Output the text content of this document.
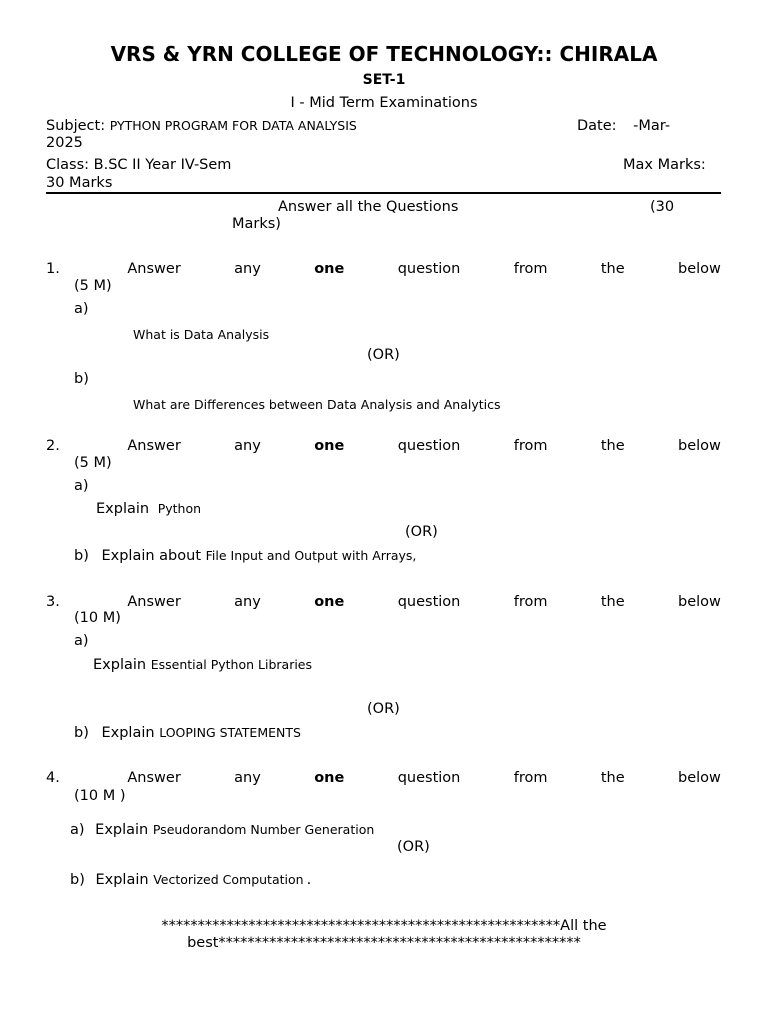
VRS & YRN COLLEGE OF TECHNOLOGY:: CHIRALA
SET-1
I - Mid Term Examinations
Subject: PYTHON PROGRAM FOR DATA ANALYSIS	Date: -Mar-
2025
Class: B.SC II Year IV-Sem	Max Marks:
30 Marks
Answer all the Questions	(30
Marks)
1.	Answer	any	one	question	from	the	below
(5 M)
a)
What is Data Analysis
(OR)
b)
What are Differences between Data Analysis and Analytics
2.	Answer	any	one	question	from	the	below
(5 M)
a)
Explain Python
(OR)
b) Explain about File Input and Output with Arrays,
3.	Answer	any	one	question	from	the	below
(10 M)
a)
Explain Essential Python Libraries
(OR)
b) Explain LOOPING STATEMENTS
4.	Answer	any	one	question	from	the	below
(10 M )
a) Explain Pseudorandom Number Generation
(OR)
b) Explain Vectorized Computation .
*******************************************************All the
best**************************************************
